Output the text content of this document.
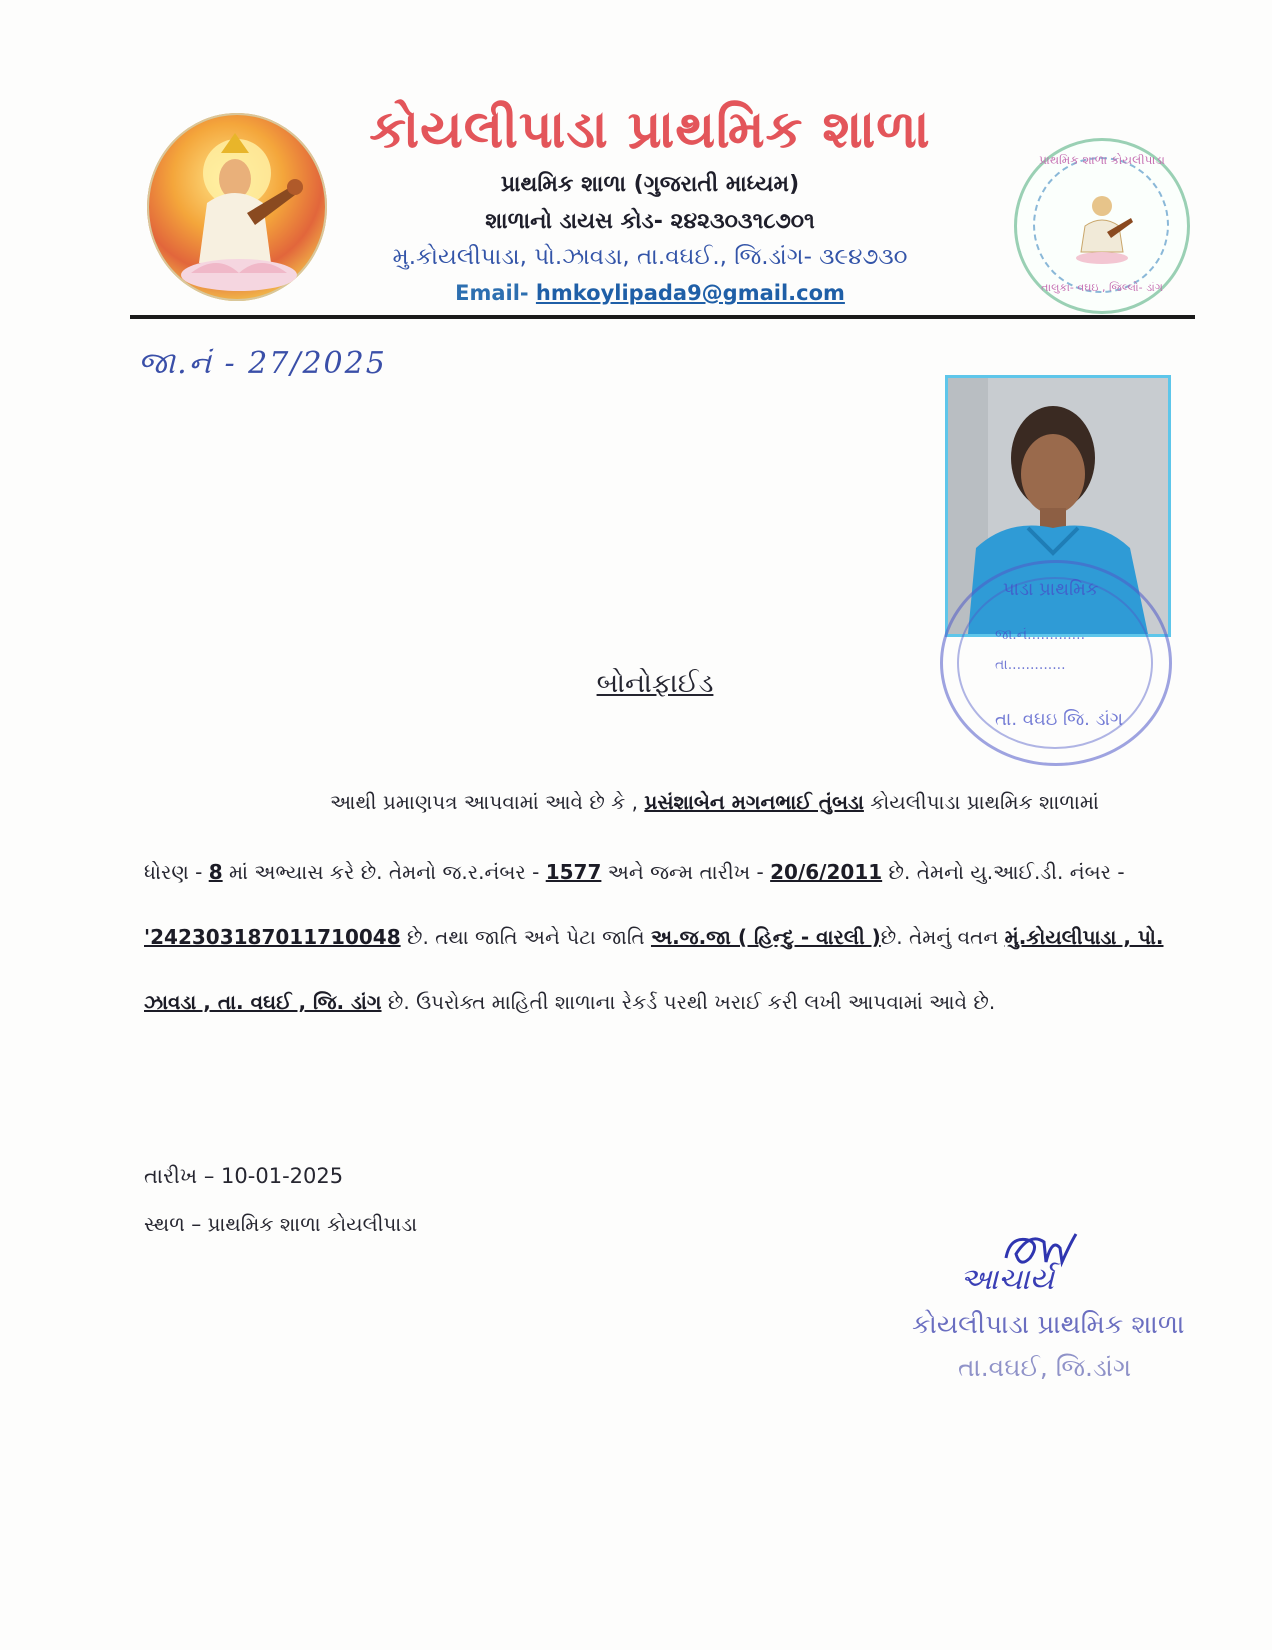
કોયલીપાડા પ્રાથમિક શાળા
પ્રાથમિક શાળા (ગુજરાતી માધ્યમ)
શાળાનો ડાયસ કોડ- ૨૪૨૩૦૩૧૮૭૦૧
મુ.કોયલીપાડા, પો.ઝાવડા, તા.વઘઈ., જિ.ડાંગ- ૩૯૪૭૩૦
Email- hmkoylipada9@gmail.com
પ્રાથમિક શાળા કોયલીપાડા
તાલુકા- વઘઇ , જિલ્લો- ડાંગ
જા.નં - 27/2025
પાડા પ્રાથમિક
જા.નં.............
તા.............
તા. વઘઇ જિ. ડાંગ
બોનોફાઈડ
આથી પ્રમાણપત્ર આપવામાં આવે છે કે , પ્રસંશાબેન મગનભાઈ તુંબડા કોયલીપાડા પ્રાથમિક શાળામાં
ધોરણ - 8 માં અભ્યાસ કરે છે. તેમનો જ.ર.નંબર - 1577 અને જન્મ તારીખ - 20/6/2011 છે. તેમનો યુ.આઈ.ડી. નંબર -
'242303187011710048 છે. તથા જાતિ અને પેટા જાતિ અ.જ.જા ( હિન્દુ - વારલી )છે. તેમનું વતન મું.કોયલીપાડા , પો.
ઝાવડા , તા. વઘઈ , જિ. ડાંગ છે. ઉપરોક્ત માહિતી શાળાના રેકર્ડ પરથી ખરાઈ કરી લખી આપવામાં આવે છે.
તારીખ – 10-01-2025
સ્થળ – પ્રાથમિક શાળા કોયલીપાડા
આચાર્ય
કોયલીપાડા પ્રાથમિક શાળા
તા.વઘઈ, જિ.ડાંગ
